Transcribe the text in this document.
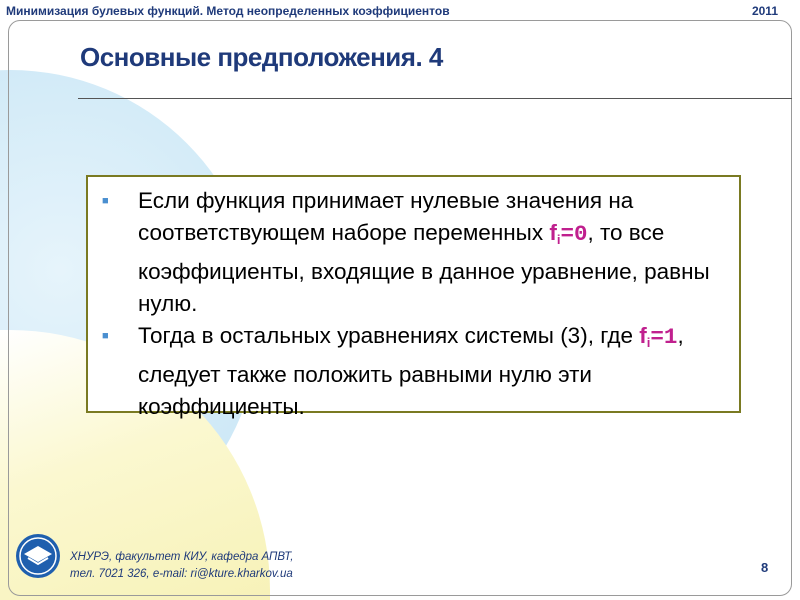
Минимизация булевых функций. Метод неопределенных коэффициентов	2011
Основные предположения. 4
■	Если функция принимает нулевые значения на соответствующем наборе переменных $f_i=0$, то все коэффициенты, входящие в данное уравнение, равны нулю.
■	Тогда в остальных уравнениях системы (3), где $f_i=1$, следует также положить равными нулю эти коэффициенты.
ХНУРЭ, факультет КИУ, кафедра АПВТ,
тел. 7021 326, e-mail: ri@kture.kharkov.ua	8
